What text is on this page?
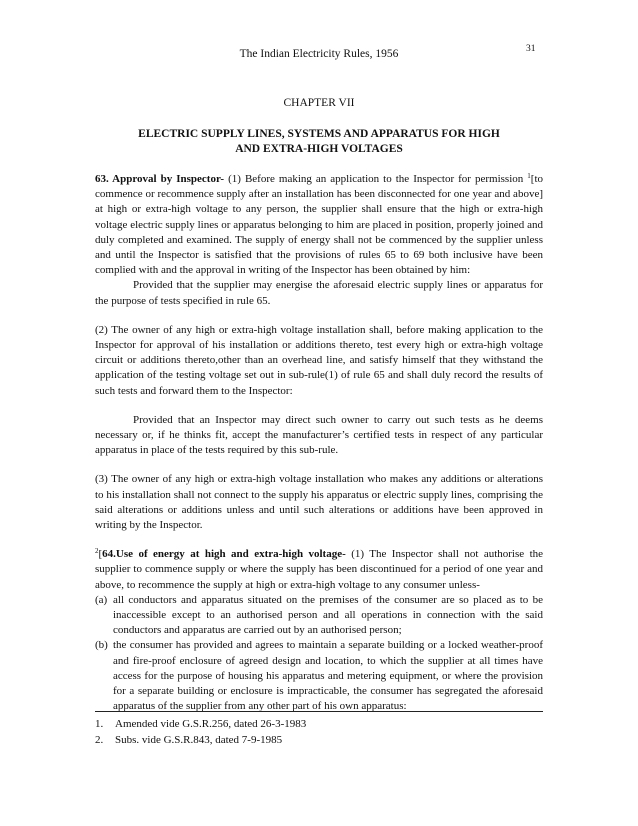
31
The Indian Electricity Rules, 1956
CHAPTER VII
ELECTRIC SUPPLY LINES, SYSTEMS AND APPARATUS FOR HIGH
AND EXTRA-HIGH VOLTAGES

63. Approval by Inspector- (1) Before making an application to the Inspector for permission $^1$[to commence or recommence supply after an installation has been disconnected for one year and above] at high or extra-high voltage to any person, the supplier shall ensure that the high or extra-high voltage electric supply lines or apparatus belonging to him are placed in position, properly joined and duly completed and examined. The supply of energy shall not be commenced by the supplier unless and until the Inspector is satisfied that the provisions of rules 65 to 69 both inclusive have been complied with and the approval in writing of the Inspector has been obtained by him:

Provided that the supplier may energise the aforesaid electric supply lines or apparatus for the purpose of tests specified in rule 65.

(2) The owner of any high or extra-high voltage installation shall, before making application to the Inspector for approval of his installation or additions thereto, test every high or extra-high voltage circuit or additions thereto,other than an overhead line, and satisfy himself that they withstand the application of the testing voltage set out in sub-rule(1) of rule 65 and shall duly record the results of such tests and forward them to the Inspector:

Provided that an Inspector may direct such owner to carry out such tests as he deems necessary or, if he thinks fit, accept the manufacturer’s certified tests in respect of any particular apparatus in place of the tests required by this sub-rule.

(3) The owner of any high or extra-high voltage installation who makes any additions or alterations to his installation shall not connect to the supply his apparatus or electric supply lines, comprising the said alterations or additions unless and until such alterations or additions have been approved in writing by the Inspector.

$^2$[64.Use of energy at high and extra-high voltage- (1) The Inspector shall not authorise the supplier to commence supply or where the supply has been discontinued for a period of one year and above, to recommence the supply at high or extra-high voltage to any consumer unless-

(a) all conductors and apparatus situated on the premises of the consumer are so placed as to be inaccessible except to an authorised person and all operations in connection with the said conductors and apparatus are carried out by an authorised person;
(b) the consumer has provided and agrees to maintain a separate building or a locked weather-proof and fire-proof enclosure of agreed design and location, to which the supplier at all times have access for the purpose of housing his apparatus and metering equipment, or where the provision for a separate building or enclosure is impracticable, the consumer has segregated the aforesaid apparatus of the supplier from any other part of his own apparatus:
1.	Amended vide G.S.R.256, dated 26-3-1983
2.	Subs. vide G.S.R.843, dated 7-9-1985
